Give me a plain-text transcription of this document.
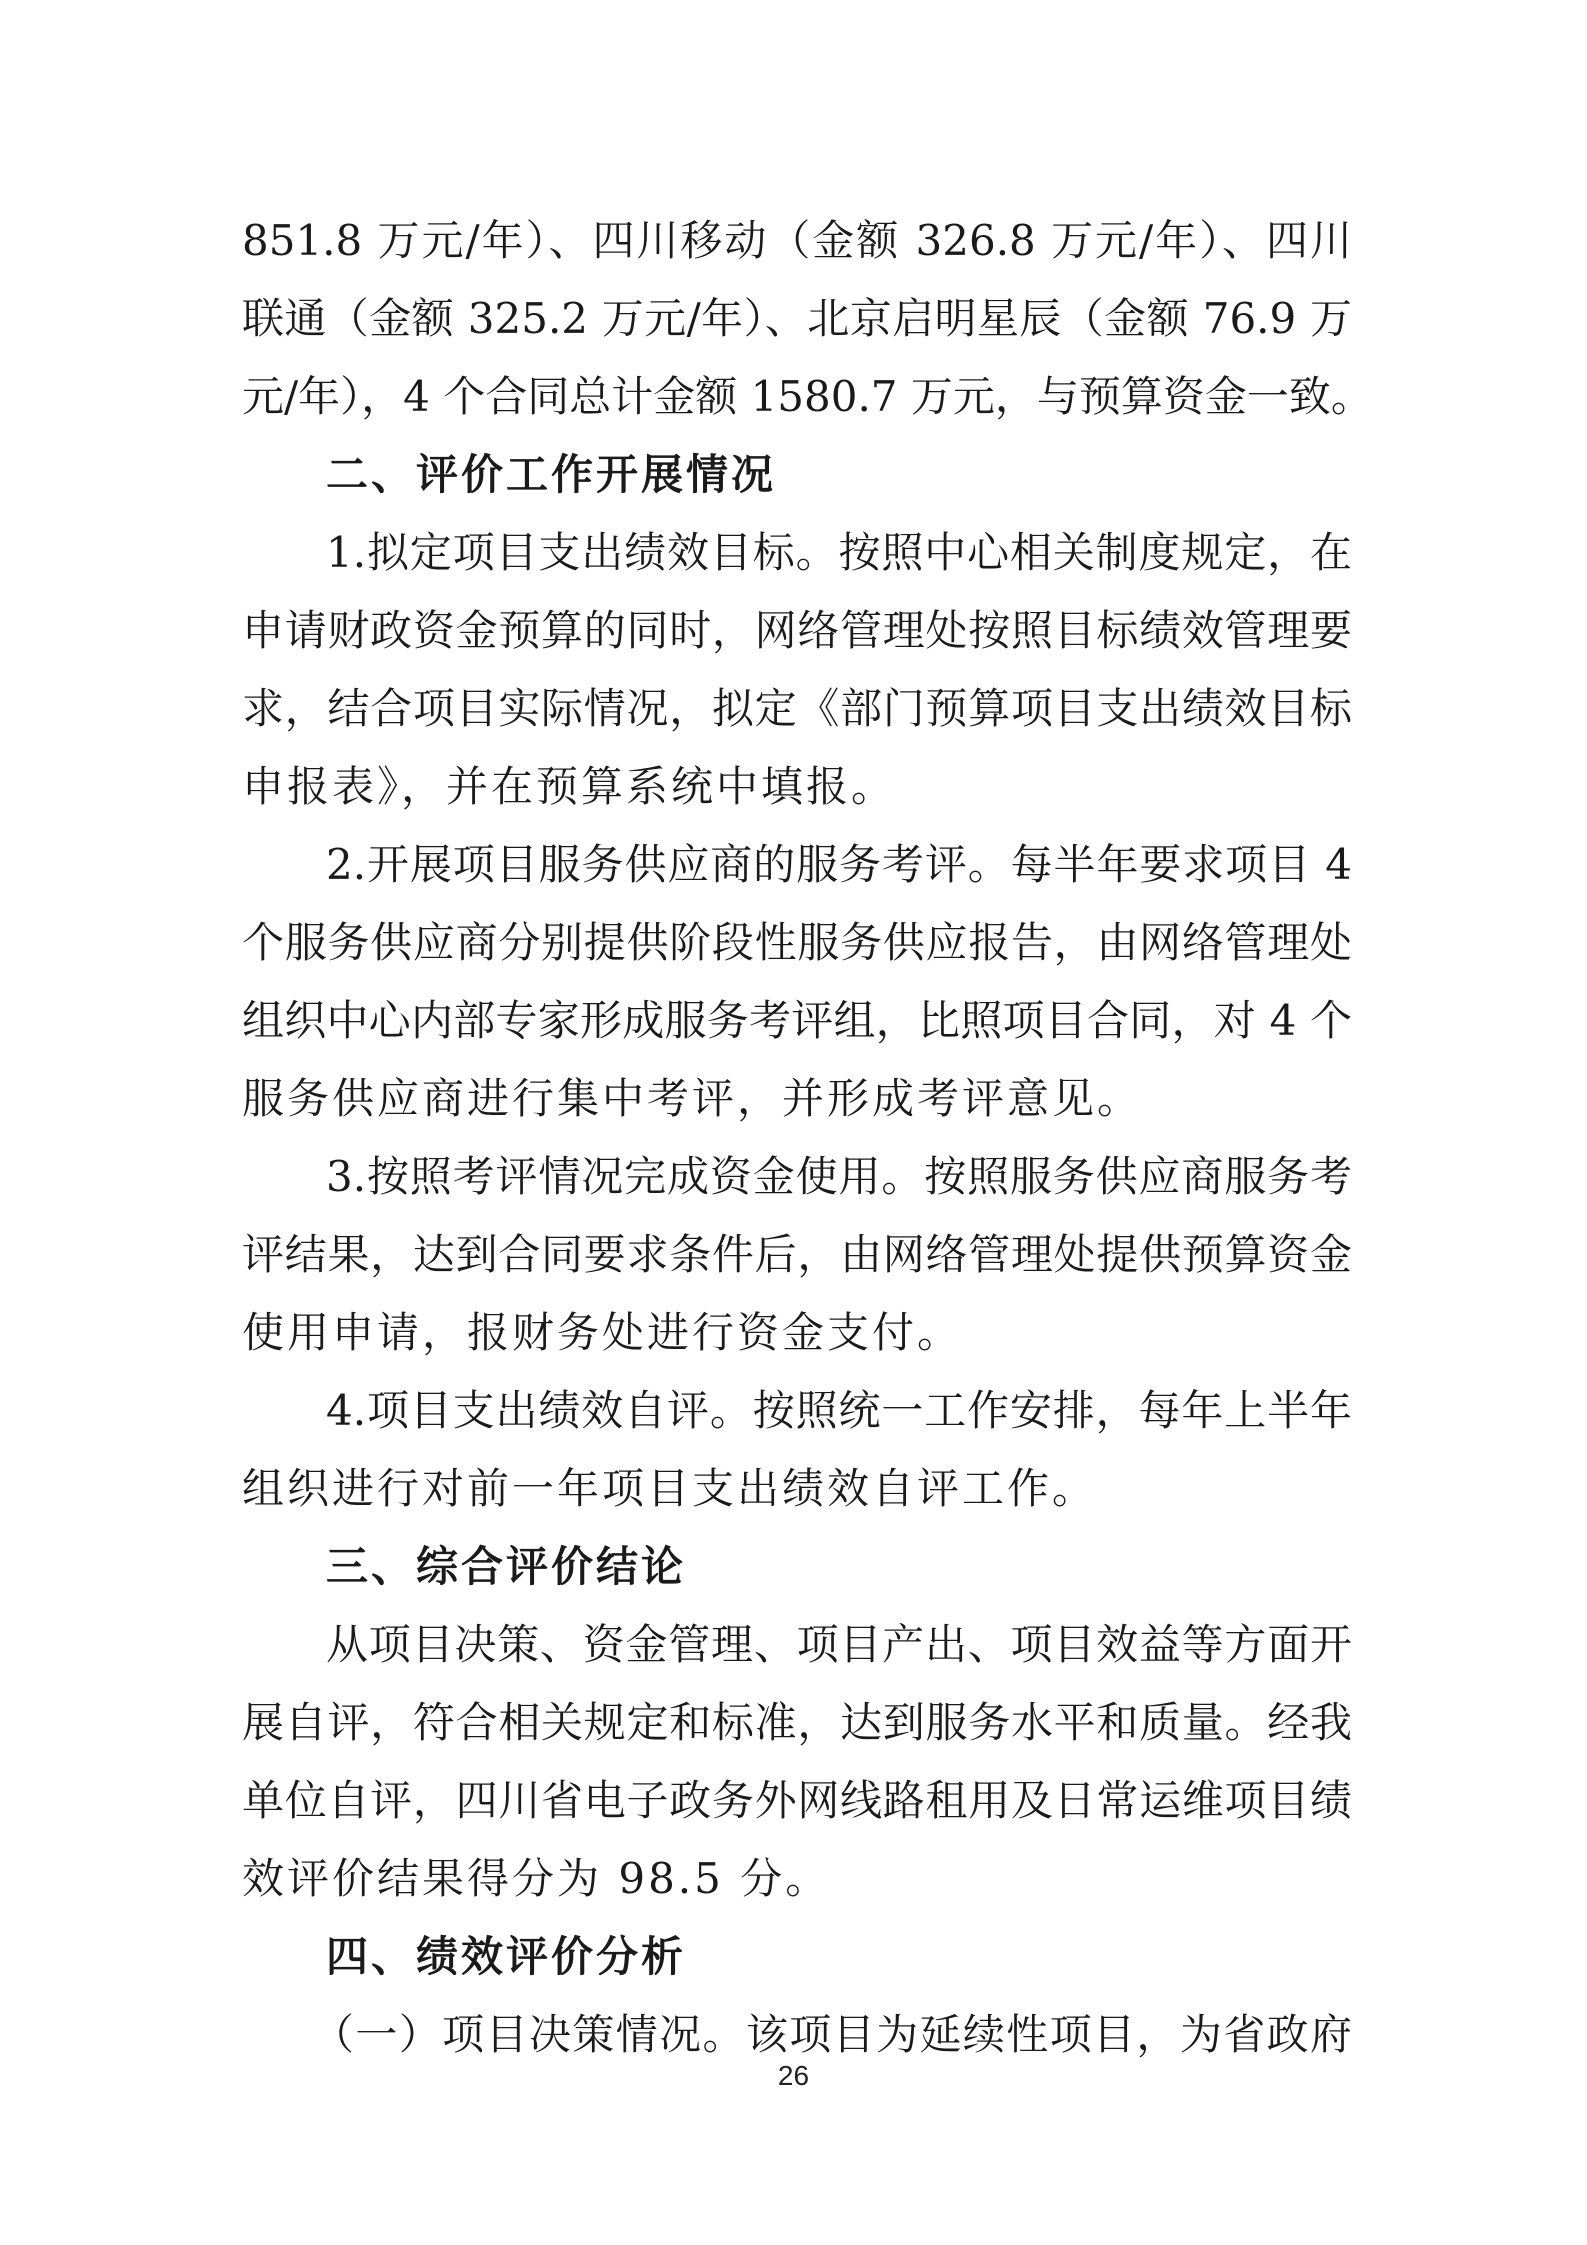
851.8 万元/年）、四川移动（金额 326.8 万元/年）、四川
联通（金额 325.2 万元/年）、北京启明星辰（金额 76.9 万
元/年），4 个合同总计金额 1580.7 万元，与预算资金一致。
二、评价工作开展情况
1.拟定项目支出绩效目标。按照中心相关制度规定，在
申请财政资金预算的同时，网络管理处按照目标绩效管理要
求，结合项目实际情况，拟定《部门预算项目支出绩效目标
申报表》，并在预算系统中填报。
2.开展项目服务供应商的服务考评。每半年要求项目 4
个服务供应商分别提供阶段性服务供应报告，由网络管理处
组织中心内部专家形成服务考评组，比照项目合同，对 4 个
服务供应商进行集中考评，并形成考评意见。
3.按照考评情况完成资金使用。按照服务供应商服务考
评结果，达到合同要求条件后，由网络管理处提供预算资金
使用申请，报财务处进行资金支付。
4.项目支出绩效自评。按照统一工作安排，每年上半年
组织进行对前一年项目支出绩效自评工作。
三、综合评价结论
从项目决策、资金管理、项目产出、项目效益等方面开
展自评，符合相关规定和标准，达到服务水平和质量。经我
单位自评，四川省电子政务外网线路租用及日常运维项目绩
效评价结果得分为 98.5 分。
四、绩效评价分析
（一）项目决策情况。该项目为延续性项目，为省政府
26
